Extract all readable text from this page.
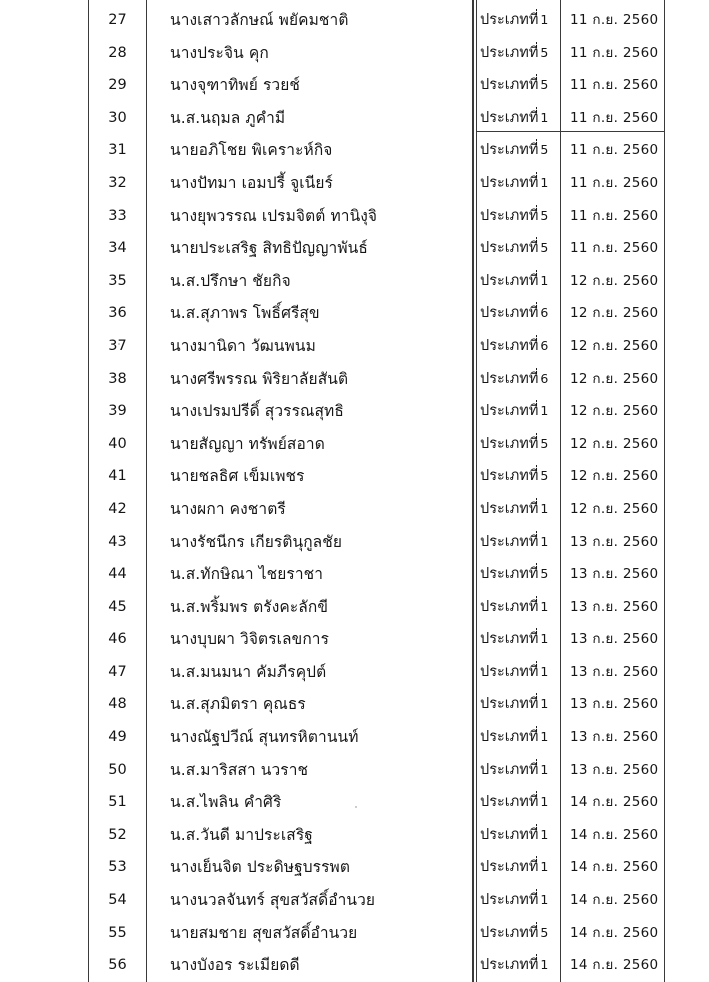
27	นางเสาวลักษณ์ พยัคมชาติ	ประเภทที่ 1 11 ก.ย. 2560
28	นางประจิน คุก	ประเภทที่ 5 11 ก.ย. 2560
29	นางจุฑาทิพย์ รวยช์	ประเภทที่ 5 11 ก.ย. 2560
30	น.ส.นฤมล ภูคำมี	ประเภทที่ 1 11 ก.ย. 2560
31	นายอภิโชย พิเคราะห์กิจ	ประเภทที่ 5 11 ก.ย. 2560
32	นางปัทมา เอมปรี้ จูเนียร์	ประเภทที่ 1 11 ก.ย. 2560
33	นางยุพวรรณ เปรมจิตต์ ทานิงุจิ	ประเภทที่ 5 11 ก.ย. 2560
34	นายประเสริฐ สิทธิปัญญาพันธ์	ประเภทที่ 5 11 ก.ย. 2560
35	น.ส.ปรึกษา ชัยกิจ	ประเภทที่ 1 12 ก.ย. 2560
36	น.ส.สุภาพร โพธิ์ศรีสุข	ประเภทที่ 6 12 ก.ย. 2560
37	นางมานิดา วัฒนพนม	ประเภทที่ 6 12 ก.ย. 2560
38	นางศรีพรรณ พิริยาลัยสันติ	ประเภทที่ 6 12 ก.ย. 2560
39	นางเปรมปรีดิ์ สุวรรณสุทธิ	ประเภทที่ 1 12 ก.ย. 2560
40	นายสัญญา ทรัพย์สอาด	ประเภทที่ 5 12 ก.ย. 2560
41	นายชลธิศ เข็มเพชร	ประเภทที่ 5 12 ก.ย. 2560
42	นางผกา คงชาตรี	ประเภทที่ 1 12 ก.ย. 2560
43	นางรัชนีกร เกียรตินุกูลชัย	ประเภทที่ 1 13 ก.ย. 2560
44	น.ส.ทักษิณา ไชยราชา	ประเภทที่ 5 13 ก.ย. 2560
45	น.ส.พริ้มพร ตรังคะลักขี	ประเภทที่ 1 13 ก.ย. 2560
46	นางบุบผา วิจิตรเลขการ	ประเภทที่ 1 13 ก.ย. 2560
47	น.ส.มนมนา คัมภีรคุปต์	ประเภทที่ 1 13 ก.ย. 2560
48	น.ส.สุภมิตรา คุณธร	ประเภทที่ 1 13 ก.ย. 2560
49	นางณัฐปวีณ์ สุนทรหิตานนท์	ประเภทที่ 1 13 ก.ย. 2560
50	น.ส.มาริสสา นวราช	ประเภทที่ 1 13 ก.ย. 2560
51	น.ส.ไพลิน คำศิริ	ประเภทที่ 1 14 ก.ย. 2560
52	น.ส.วันดี มาประเสริฐ	ประเภทที่ 1 14 ก.ย. 2560
53	นางเย็นจิต ประดิษฐบรรพต	ประเภทที่ 1 14 ก.ย. 2560
54	นางนวลจันทร์ สุขสวัสดิ์อำนวย	ประเภทที่ 1 14 ก.ย. 2560
55	นายสมชาย สุขสวัสดิ์อำนวย	ประเภทที่ 5 14 ก.ย. 2560
56	นางบังอร ระเมียดดี	ประเภทที่ 1 14 ก.ย. 2560
